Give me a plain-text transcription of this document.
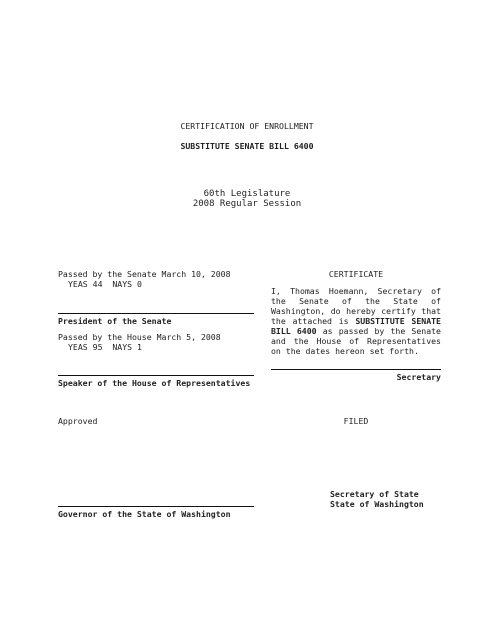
CERTIFICATION OF ENROLLMENT
SUBSTITUTE SENATE BILL 6400
60th Legislature
2008 Regular Session
Passed by the Senate March 10, 2008
YEAS 44  NAYS 0
President of the Senate
Passed by the House March 5, 2008
YEAS 95  NAYS 1
Speaker of the House of Representatives
Approved
Governor of the State of Washington
CERTIFICATE
I, Thomas Hoemann, Secretary of
the Senate of the State of
Washington, do hereby certify that
the attached is SUBSTITUTE SENATE
BILL 6400 as passed by the Senate
and the House of Representatives
on the dates hereon set forth.
Secretary
FILED
Secretary of State
State of Washington
